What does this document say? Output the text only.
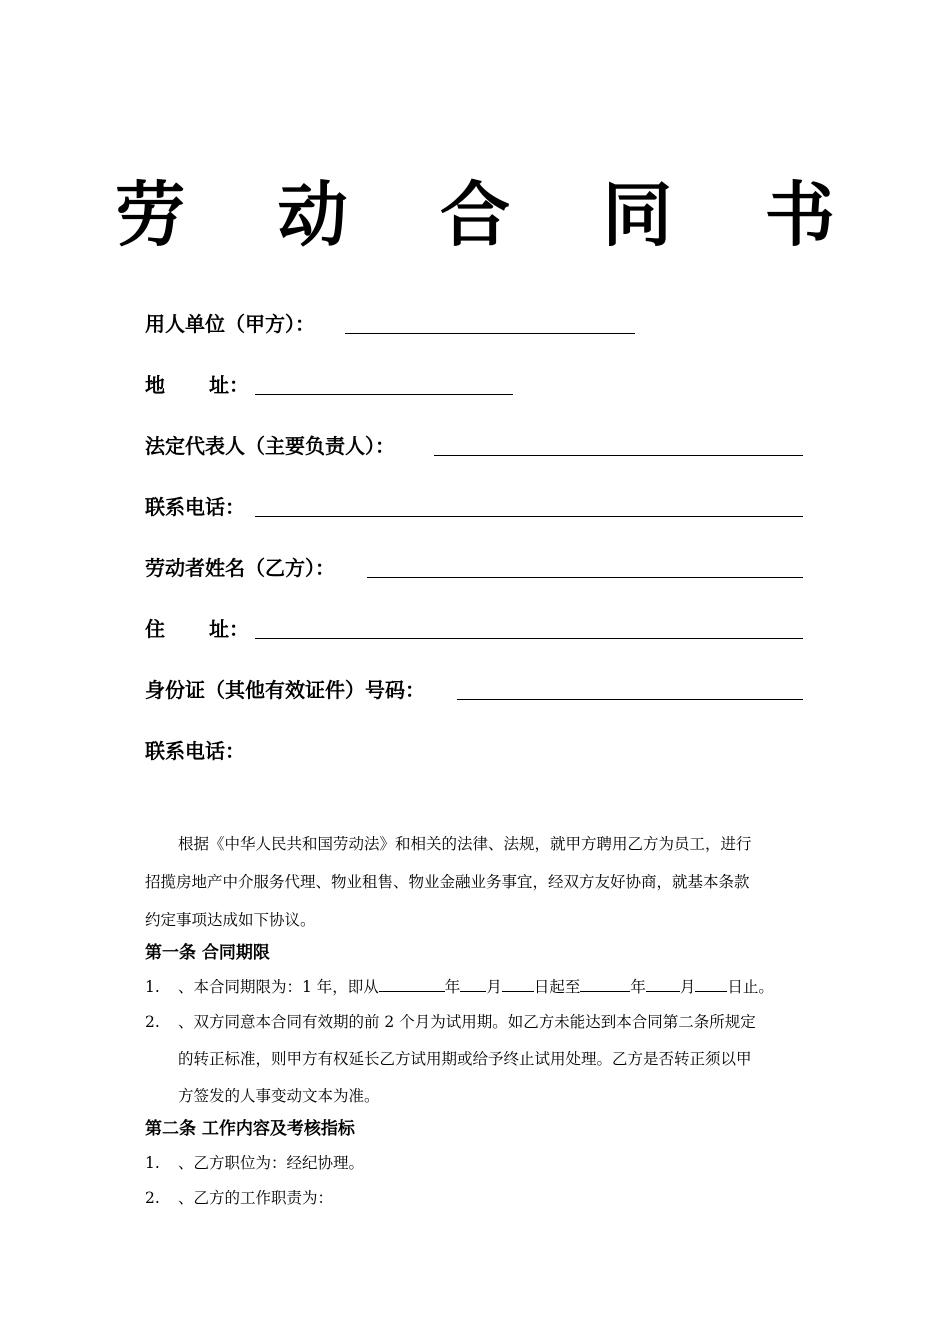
劳 动 合 同 书
用人单位（甲方）：
地 址：
法定代表人（主要负责人）：
联系电话：
劳动者姓名（乙方）：
住 址：
身份证（其他有效证件）号码：
联系电话：

根据《中华人民共和国劳动法》和相关的法律、法规，就甲方聘用乙方为员工，进行

招揽房地产中介服务代理、物业租售、物业金融业务事宜，经双方友好协商，就基本条款
约定事项达成如下协议。
第一条 合同期限
1. 、本合同期限为：1 年，即从	年 月 日起至	年 月 日止。
2. 、双方同意本合同有效期的前 2 个月为试用期。如乙方未能达到本合同第二条所规定
的转正标准，则甲方有权延长乙方试用期或给予终止试用处理。乙方是否转正须以甲
方签发的人事变动文本为准。
第二条 工作内容及考核指标
1. 、乙方职位为：经纪协理。
2. 、乙方的工作职责为：
